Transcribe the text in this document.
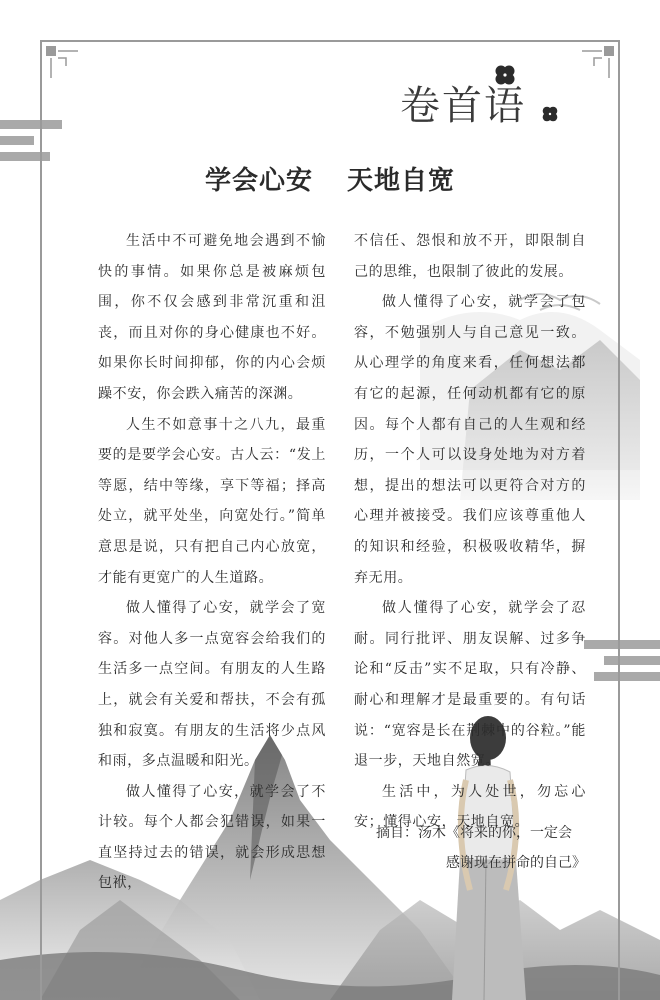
卷首语
学会心安 天地自宽

生活中不可避免地会遇到不愉快的事情。如果你总是被麻烦包围，你不仅会感到非常沉重和沮丧，而且对你的身心健康也不好。如果你长时间抑郁，你的内心会烦躁不安，你会跌入痛苦的深渊。

人生不如意事十之八九，最重要的是要学会心安。古人云：“发上等愿，结中等缘，享下等福；择高处立，就平处坐，向宽处行。”简单意思是说，只有把自己内心放宽，才能有更宽广的人生道路。

做人懂得了心安，就学会了宽容。对他人多一点宽容会给我们的生活多一点空间。有朋友的人生路上，就会有关爱和帮扶，不会有孤独和寂寞。有朋友的生活将少点风和雨，多点温暖和阳光。

做人懂得了心安，就学会了不计较。每个人都会犯错误，如果一直坚持过去的错误，就会形成思想包袱，

不信任、怨恨和放不开，即限制自己的思维，也限制了彼此的发展。

做人懂得了心安，就学会了包容，不勉强别人与自己意见一致。从心理学的角度来看，任何想法都有它的起源，任何动机都有它的原因。每个人都有自己的人生观和经历，一个人可以设身处地为对方着想，提出的想法可以更符合对方的心理并被接受。我们应该尊重他人的知识和经验，积极吸收精华，摒弃无用。

做人懂得了心安，就学会了忍耐。同行批评、朋友误解、过多争论和“反击”实不足取，只有冷静、耐心和理解才是最重要的。有句话说：“宽容是长在荆棘中的谷粒。”能退一步，天地自然宽。

生活中，为人处世，勿忘心安；懂得心安，天地自宽。

摘自：汤木《将来的你，一定会
感谢现在拼命的自己》
